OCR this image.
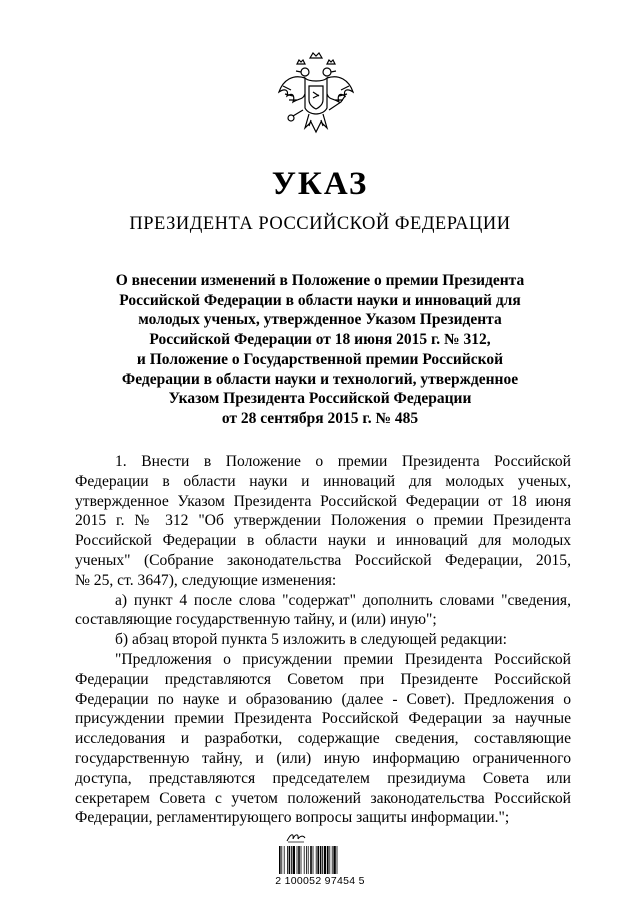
УКАЗ
ПРЕЗИДЕНТА РОССИЙСКОЙ ФЕДЕРАЦИИ
О внесении изменений в Положение о премии Президента
Российской Федерации в области науки и инноваций для
молодых ученых, утвержденное Указом Президента
Российской Федерации от 18 июня 2015 г. № 312,
и Положение о Государственной премии Российской
Федерации в области науки и технологий, утвержденное
Указом Президента Российской Федерации
от 28 сентября 2015 г. № 485

1. Внести в Положение о премии Президента Российской

Федерации в области науки и инноваций для молодых ученых,

утвержденное Указом Президента Российской Федерации от 18 июня

2015 г. № 312 "Об утверждении Положения о премии Президента

Российской Федерации в области науки и инноваций для молодых

ученых" (Собрание законодательства Российской Федерации, 2015,

№ 25, ст. 3647), следующие изменения:

а) пункт 4 после слова "содержат" дополнить словами "сведения,

составляющие государственную тайну, и (или) иную";

б) абзац второй пункта 5 изложить в следующей редакции:

"Предложения о присуждении премии Президента Российской

Федерации представляются Советом при Президенте Российской

Федерации по науке и образованию (далее - Совет). Предложения о

присуждении премии Президента Российской Федерации за научные

исследования и разработки, содержащие сведения, составляющие

государственную тайну, и (или) иную информацию ограниченного

доступа, представляются председателем президиума Совета или

секретарем Совета с учетом положений законодательства Российской

Федерации, регламентирующего вопросы защиты информации.";

2 100052 97454 5
